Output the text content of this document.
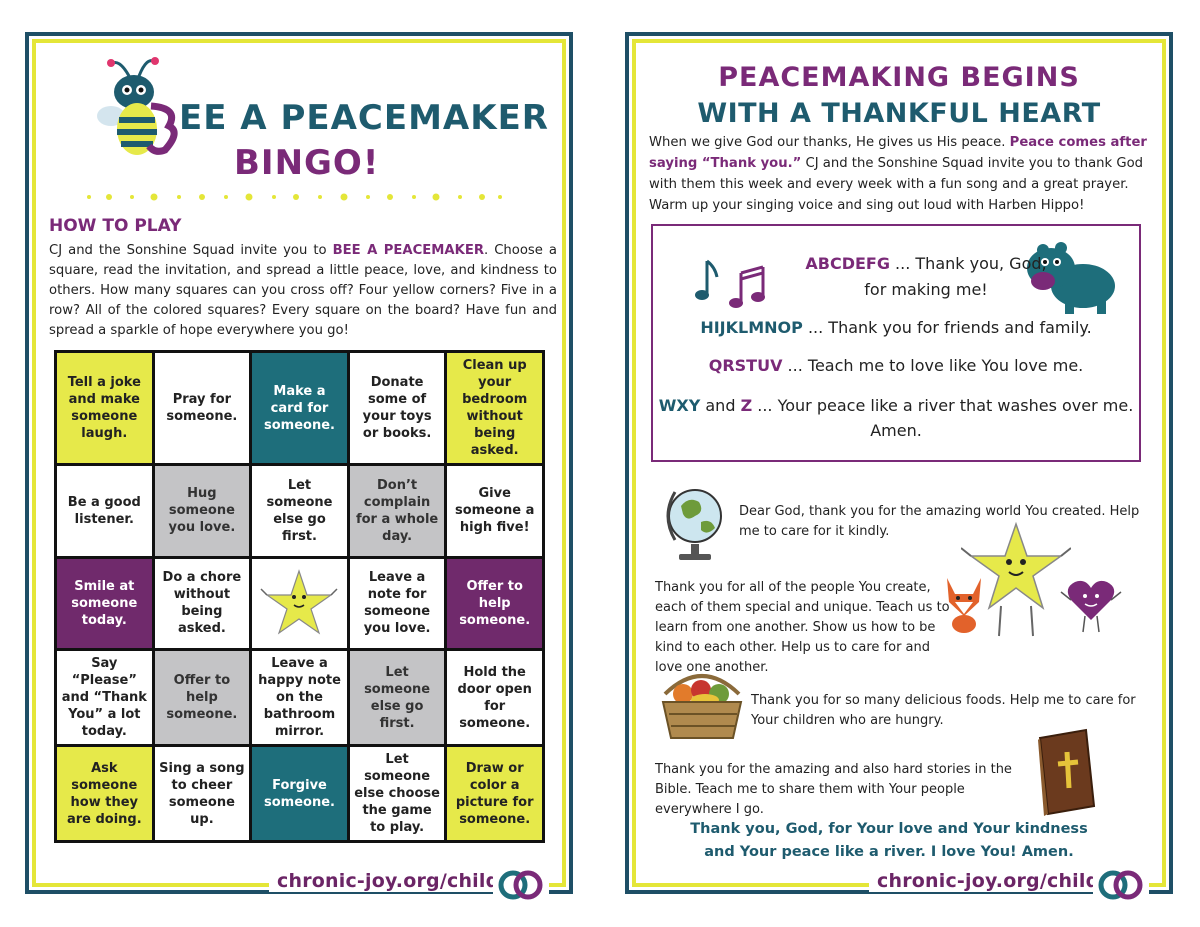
EE A PEACEMAKER
BINGO!
HOW TO PLAY
CJ and the Sonshine Squad invite you to BEE A PEACEMAKER. Choose a square, read the invitation, and spread a little peace, love, and kindness to others. How many squares can you cross off? Four yellow corners? Five in a row? All of the colored squares? Every square on the board? Have fun and spread a sparkle of hope everywhere you go!
Tell a joke and make someone laugh.
Pray for someone.
Make a card for someone.
Donate some of your toys or books.
Clean up your bedroom without being asked.
Be a good listener.
Hug someone you love.
Let someone else go first.
Don’t complain for a whole day.
Give someone a high five!
Smile at someone today.
Do a chore without being asked.
Leave a note for someone you love.
Offer to help someone.
Say “Please” and “Thank You” a lot today.
Offer to help someone.
Leave a happy note on the bathroom mirror.
Let someone else go first.
Hold the door open for someone.
Ask someone how they are doing.
Sing a song to cheer someone up.
Forgive someone.
Let someone else choose the game to play.
Draw or color a picture for someone.
chronic-joy.org/children
PEACEMAKING BEGINS
WITH A THANKFUL HEART
When we give God our thanks, He gives us His peace. Peace comes after saying “Thank you.” CJ and the Sonshine Squad invite you to thank God with them this week and every week with a fun song and a great prayer. Warm up your singing voice and sing out loud with Harben Hippo!
ABCDEFG ... Thank you, God,
for making me!
HIJKLMNOP ... Thank you for friends and family.
QRSTUV ... Teach me to love like You love me.
WXY and Z ... Your peace like a river that washes over me.
Amen.
Dear God, thank you for the amazing world You created. Help me to care for it kindly.
Thank you for all of the people You create, each of them special and unique. Teach us to learn from one another. Show us how to be kind to each other. Help us to care for and love one another.
Thank you for so many delicious foods. Help me to care for Your children who are hungry.
Thank you for the amazing and also hard stories in the Bible. Teach me to share them with Your people everywhere I go.
Thank you, God, for Your love and Your kindness and Your peace like a river. I love You! Amen.
chronic-joy.org/children
